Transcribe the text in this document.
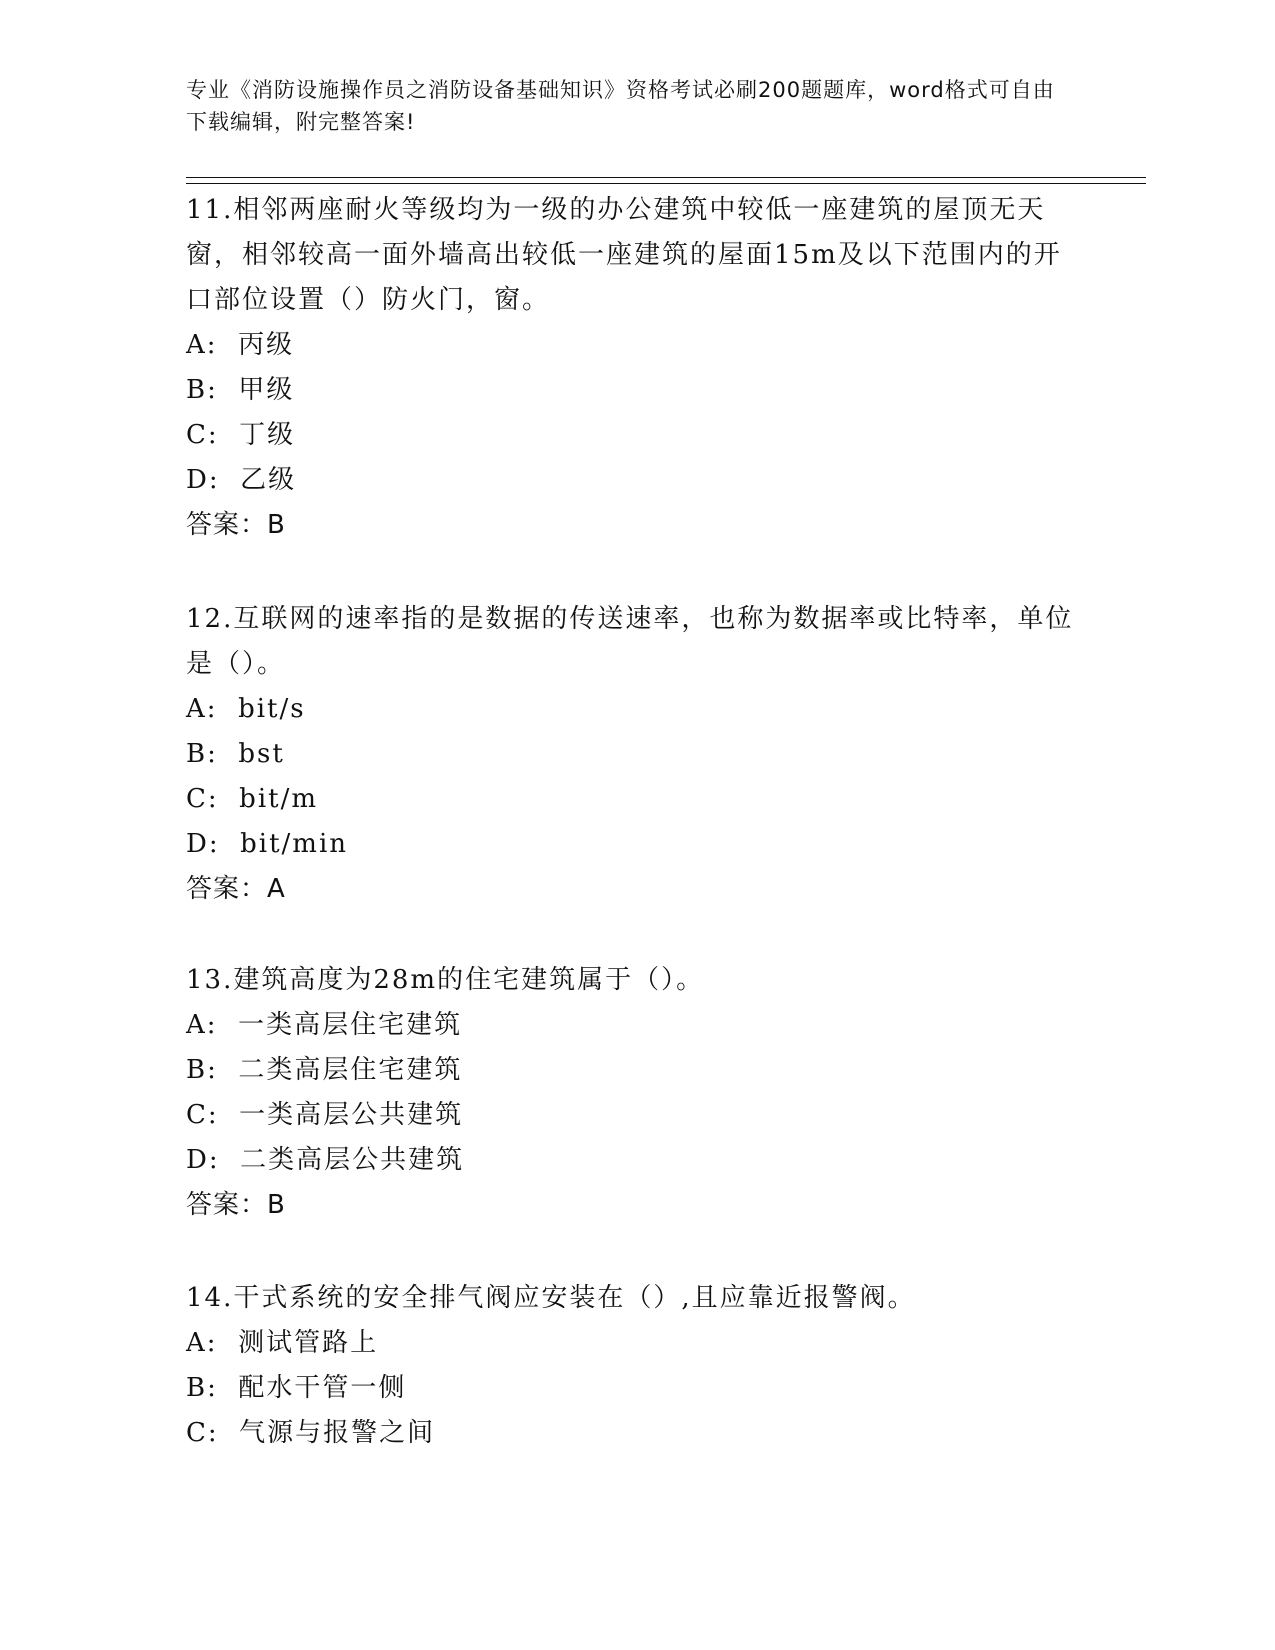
专业《消防设施操作员之消防设备基础知识》资格考试必刷200题题库，word格式可自由下载编辑，附完整答案!

11.相邻两座耐火等级均为一级的办公建筑中较低一座建筑的屋顶无天窗，相邻较高一面外墙高出较低一座建筑的屋面15m及以下范围内的开口部位设置（）防火门，窗。

A:  丙级

B:  甲级

C:  丁级

D:  乙级

答案：B

12.互联网的速率指的是数据的传送速率，也称为数据率或比特率，单位是（）。

A:  bit/s

B:  bst

C:  bit/m

D:  bit/min

答案：A

13.建筑高度为28m的住宅建筑属于（）。

A:  一类高层住宅建筑

B:  二类高层住宅建筑

C:  一类高层公共建筑

D:  二类高层公共建筑

答案：B

14.干式系统的安全排气阀应安装在（）,且应靠近报警阀。

A:  测试管路上

B:  配水干管一侧

C:  气源与报警之间
